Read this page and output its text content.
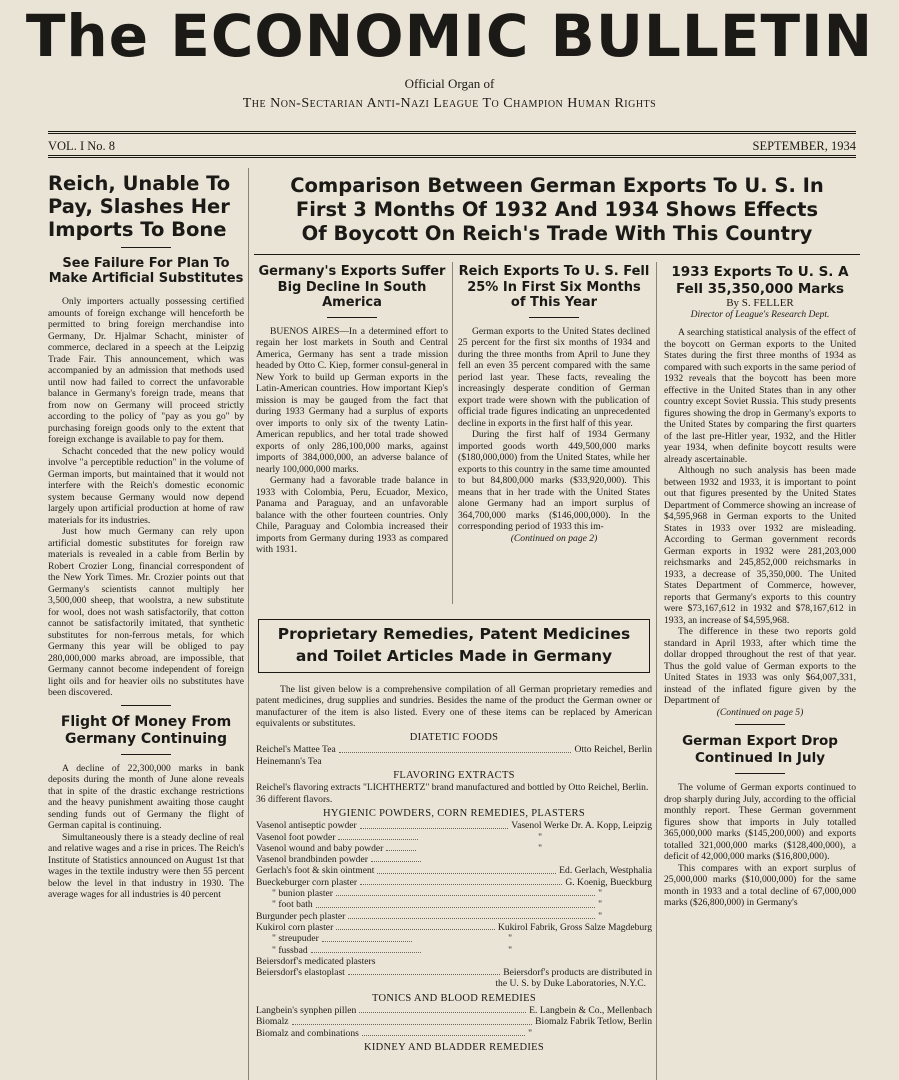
The ECONOMIC BULLETIN
Official Organ of
The Non-Sectarian Anti-Nazi League To Champion Human Rights
VOL. I No. 8	SEPTEMBER, 1934
Reich, Unable To Pay, Slashes Her Imports To Bone
See Failure For Plan To Make Artificial Substitutes

Only importers actually possessing certified amounts of foreign exchange will henceforth be permitted to bring foreign merchandise into Germany, Dr. Hjalmar Schacht, minister of commerce, declared in a speech at the Leipzig Trade Fair. This announcement, which was accompanied by an admission that methods used until now had failed to correct the unfavorable balance in Germany's foreign trade, means that from now on Germany will proceed strictly according to the policy of "pay as you go" by purchasing foreign goods only to the extent that foreign exchange is available to pay for them.

Schacht conceded that the new policy would involve "a perceptible reduction" in the volume of German imports, but maintained that it would not interfere with the Reich's domestic economic system because Germany would now depend largely upon artificial production at home of raw materials for its industries.

Just how much Germany can rely upon artificial domestic substitutes for foreign raw materials is revealed in a cable from Berlin by Robert Crozier Long, financial correspondent of the New York Times. Mr. Crozier points out that Germany's scientists cannot multiply her 3,500,000 sheep, that woolstra, a new substitute for wool, does not wash satisfactorily, that cotton cannot be satisfactorily imitated, that synthetic substitutes for non-ferrous metals, for which Germany this year will be obliged to pay 280,000,000 marks abroad, are impossible, that Germany cannot become independent of foreign light oils and for heavier oils no substitutes have been discovered.

Flight Of Money From Germany Continuing

A decline of 22,300,000 marks in bank deposits during the month of June alone reveals that in spite of the drastic exchange restrictions and the heavy punishment awaiting those caught sending funds out of Germany the flight of German capital is continuing.

Simultaneously there is a steady decline of real and relative wages and a rise in prices. The Reich's Institute of Statistics announced on August 1st that wages in the textile industry were then 55 percent below the level in that industry in 1930. The average wages for all industries is 40 percent

Comparison Between German Exports To U. S. In
First 3 Months Of 1932 And 1934 Shows Effects
Of Boycott On Reich's Trade With This Country
Germany's Exports Suffer Big Decline In South America

BUENOS AIRES—In a determined effort to regain her lost markets in South and Central America, Germany has sent a trade mission headed by Otto C. Kiep, former consul-general in New York to build up German exports in the Latin-American countries. How important Kiep's mission is may be gauged from the fact that during 1933 Germany had a surplus of exports over imports to only six of the twenty Latin-American republics, and her total trade showed exports of only 286,100,000 marks, against imports of 384,000,000, an adverse balance of nearly 100,000,000 marks.

Germany had a favorable trade balance in 1933 with Colombia, Peru, Ecuador, Mexico, Panama and Paraguay, and an unfavorable balance with the other fourteen countries. Only Chile, Paraguay and Colombia increased their imports from Germany during 1933 as compared with 1931.

Reich Exports To U. S. Fell 25% In First Six Months of This Year

German exports to the United States declined 25 percent for the first six months of 1934 and during the three months from April to June they fell an even 35 percent compared with the same period last year. These facts, revealing the increasingly desperate condition of German export trade were shown with the publication of official trade figures indicating an unprecedented decline in exports in the first half of this year.

During the first half of 1934 Germany imported goods worth 449,500,000 marks ($180,000,000) from the United States, while her exports to this country in the same time amounted to but 84,800,000 marks ($33,920,000). This means that in her trade with the United States alone Germany had an import surplus of 364,700,000 marks ($146,000,000). In the corresponding period of 1933 this im-

(Continued on page 2)

1933 Exports To U. S. A Fell 35,350,000 Marks
By S. FELLER
Director of League's Research Dept.

A searching statistical analysis of the effect of the boycott on German exports to the United States during the first three months of 1934 as compared with such exports in the same period of 1932 reveals that the boycott has been more effective in the United States than in any other country except Soviet Russia. This study presents figures showing the drop in Germany's exports to the United States by comparing the first quarters of the last pre-Hitler year, 1932, and the Hitler year 1934, when definite boycott results were already ascertainable.

Although no such analysis has been made between 1932 and 1933, it is important to point out that figures presented by the United States Department of Commerce showing an increase of $4,595,968 in German exports to the United States in 1933 over 1932 are misleading. According to German government records German exports in 1932 were 281,203,000 reichsmarks and 245,852,000 reichsmarks in 1933, a decrease of 35,350,000. The United States Department of Commerce, however, reports that Germany's exports to this country were $73,167,612 in 1932 and $78,167,612 in 1933, an increase of $4,595,968.

The difference in these two reports gold standard in April 1933, after which time the dollar dropped throughout the rest of that year. Thus the gold value of German exports to the United States in 1933 was only $64,007,331, instead of the inflated figure given by the Department of

(Continued on page 5)

German Export Drop Continued In July

The volume of German exports continued to drop sharply during July, according to the official monthly report. These German government figures show that imports in July totalled 365,000,000 marks ($145,200,000) and exports totalled 321,000,000 marks ($128,400,000), a deficit of 42,000,000 marks ($16,800,000).

This compares with an export surplus of 25,000,000 marks ($10,000,000) for the same month in 1933 and a total decline of 67,000,000 marks ($26,800,000) in Germany's

Proprietary Remedies, Patent Medicines
and Toilet Articles Made in Germany

The list given below is a comprehensive compilation of all German proprietary remedies and patent medicines, drug supplies and sundries. Besides the name of the product the German owner or manufacturer of the item is also listed. Every one of these items can be replaced by American equivalents or substitutes.

DIATETIC FOODS
Reichel's Mattee Tea	Otto Reichel, Berlin
Heinemann's Tea
FLAVORING EXTRACTS
Reichel's flavoring extracts "LICHTHERTZ" brand manufactured and bottled by Otto Reichel, Berlin.
36 different flavors.
HYGIENIC POWDERS, CORN REMEDIES, PLASTERS
Vasenol antiseptic powder	Vasenol Werke Dr. A. Kopp, Leipzig
Vasenol foot powder	"
Vasenol wound and baby powder	"
Vasenol brandbinden powder
Gerlach's foot & skin ointment	Ed. Gerlach, Westphalia
Bueckeburger corn plaster	G. Koenig, Bueckburg
" bunion plaster	"
" foot bath	"
Burgunder pech plaster	"
Kukirol corn plaster	Kukirol Fabrik, Gross Salze Magdeburg
" streupuder	"
" fussbad	"
Beiersdorf's medicated plasters
Beiersdorf's elastoplast	Beiersdorf's products are distributed in
the U. S. by Duke Laboratories, N.Y.C.
TONICS AND BLOOD REMEDIES
Langbein's synphen pillen	E. Langbein & Co., Mellenbach
Biomalz	Biomalz Fabrik Tetlow, Berlin
Biomalz and combinations	"
KIDNEY AND BLADDER REMEDIES
